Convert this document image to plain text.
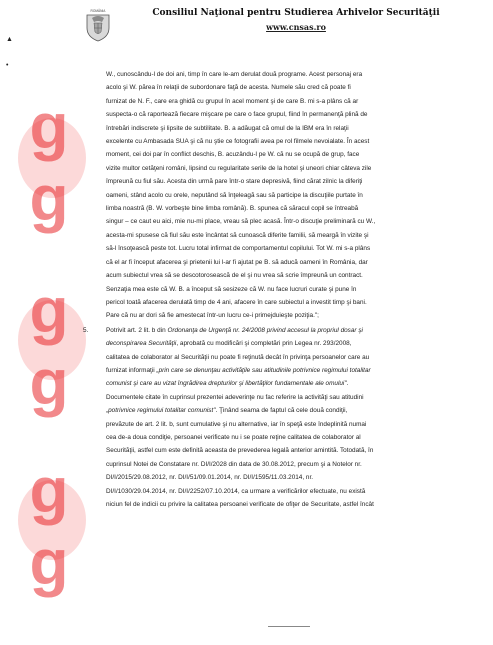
ROMÂNIA	Consiliul Naţional pentru Studierea Arhivelor Securităţii
www.cnsas.ro
▲
•
g
g
g
g
g
g
W., cunoscându-l de doi ani, timp în care le-am derulat două programe. Acest personaj era
acolo şi W. părea în relaţii de subordonare faţă de acesta. Numele său cred că poate fi
furnizat de N. F., care era ghidă cu grupul în acel moment şi de care B. mi s-a plâns că ar
suspecta-o că raportează fiecare mişcare pe care o face grupul, fiind în permanenţă plină de
întrebări indiscrete şi lipsite de subtilitate. B. a adăugat că omul de la IBM era în relaţii
excelente cu Ambasada SUA şi că nu ştie ce fotografii avea pe rol filmele nevoialate. În acest
moment, cei doi par în conflict deschis, B. acuzându-l pe W. că nu se ocupă de grup, face
vizite multor cetăţeni români, lipsind cu regularitate serile de la hotel şi uneori chiar câteva zile
împreună cu fiul său. Acesta din urmă pare într-o stare depresivă, fiind cărat zilnic la diferiţi
oameni, stând acolo cu orele, neputând să înţeleagă sau să participe la discuţiile purtate în
limba noastră (B. W. vorbeşte bine limba română). B. spunea că săracul copil se întreabă
singur – ce caut eu aici, mie nu-mi place, vreau să plec acasă. Într-o discuţie preliminară cu W.,
acesta-mi spusese că fiul său este încântat să cunoască diferite familii, să meargă în vizite şi
să-l însoţească peste tot. Lucru total infirmat de comportamentul copilului. Tot W. mi s-a plâns
că el ar fi început afacerea şi prietenii lui l-ar fi ajutat pe B. să aducă oameni în România, dar
acum subiectul vrea să se descotorosească de el şi nu vrea să scrie împreună un contract.
Senzaţia mea este că W. B. a început să sesizeze că W. nu face lucruri curate şi pune în
pericol toată afacerea derulată timp de 4 ani, afacere în care subiectul a investit timp şi bani.
Pare că nu ar dori să fie amestecat într-un lucru ce-i primejduieşte poziţia.";
5.	Potrivit art. 2 lit. b din Ordonanţa de Urgenţă nr. 24/2008 privind accesul la propriul dosar şi
deconspirarea Securităţii, aprobată cu modificări şi completări prin Legea nr. 293/2008,
calitatea de colaborator al Securităţii nu poate fi reţinută decât în privinţa persoanelor care au
furnizat informaţii „prin care se denunţau activităţile sau atitudinile potrivnice regimului totalitar
comunist şi care au vizat îngrădirea drepturilor şi libertăţilor fundamentale ale omului".
Documentele citate în cuprinsul prezentei adeverinţe nu fac referire la activităţi sau atitudini
„potrivnice regimului totalitar comunist". Ţinând seama de faptul că cele două condiţii,
prevăzute de art. 2 lit. b, sunt cumulative şi nu alternative, iar în speţă este îndeplinită numai
cea de-a doua condiţie, persoanei verificate nu i se poate reţine calitatea de colaborator al
Securităţii, astfel cum este definită aceasta de prevederea legală anterior amintită. Totodată, în
cuprinsul Notei de Constatare nr. DI/I/2028 din data de 30.08.2012, precum şi a Notelor nr.
DI/I/2015/29.08.2012, nr. DI/I/51/09.01.2014, nr. DI/I/1595/11.03.2014, nr.
DI/I/1030/29.04.2014, nr. DI/I/2252/07.10.2014, ca urmare a verificărilor efectuate, nu există
niciun fel de indicii cu privire la calitatea persoanei verificate de ofiţer de Securitate, astfel încât
